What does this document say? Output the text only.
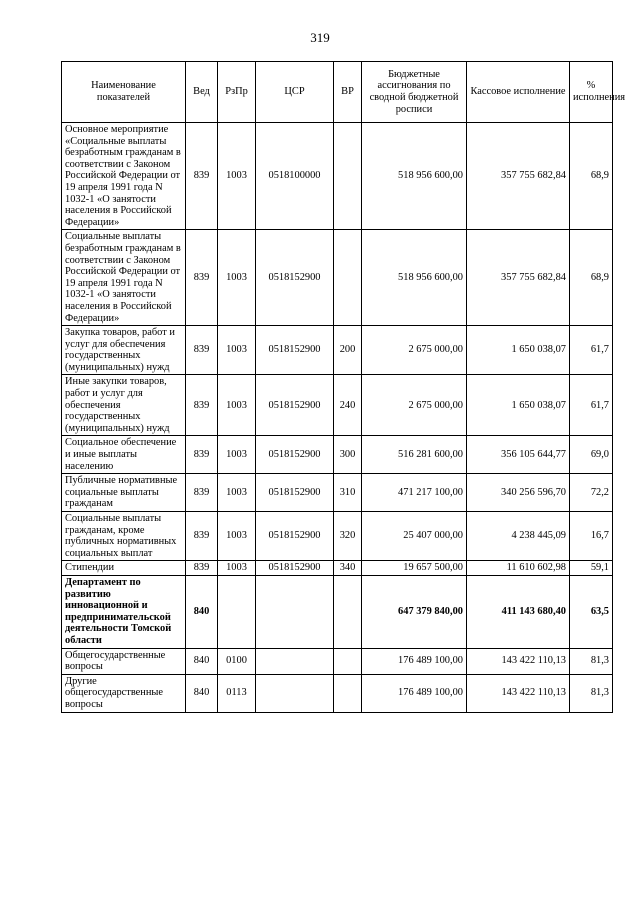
319
Наименование показателей	Вед	РзПр	ЦСР	ВР	Бюджетные ассигнования по сводной бюджетной росписи	Кассовое исполнение	% исполнения
Основное мероприятие «Социальные выплаты безработным гражданам в соответствии с Законом Российской Федерации от 19 апреля 1991 года N 1032-1 «О занятости населения в Российской Федерации»	839	1003	0518100000		518 956 600,00	357 755 682,84	68,9
Социальные выплаты безработным гражданам в соответствии с Законом Российской Федерации от 19 апреля 1991 года N 1032-1 «О занятости населения в Российской Федерации»	839	1003	0518152900		518 956 600,00	357 755 682,84	68,9
Закупка товаров, работ и услуг для обеспечения государственных (муниципальных) нужд	839	1003	0518152900	200	2 675 000,00	1 650 038,07	61,7
Иные закупки товаров, работ и услуг для обеспечения государственных (муниципальных) нужд	839	1003	0518152900	240	2 675 000,00	1 650 038,07	61,7
Социальное обеспечение и иные выплаты населению	839	1003	0518152900	300	516 281 600,00	356 105 644,77	69,0
Публичные нормативные социальные выплаты гражданам	839	1003	0518152900	310	471 217 100,00	340 256 596,70	72,2
Социальные выплаты гражданам, кроме публичных нормативных социальных выплат	839	1003	0518152900	320	25 407 000,00	4 238 445,09	16,7
Стипендии	839	1003	0518152900	340	19 657 500,00	11 610 602,98	59,1
Департамент по развитию инновационной и предпринимательской деятельности Томской области	840				647 379 840,00	411 143 680,40	63,5
Общегосударственные вопросы	840	0100			176 489 100,00	143 422 110,13	81,3
Другие общегосударственные вопросы	840	0113			176 489 100,00	143 422 110,13	81,3
